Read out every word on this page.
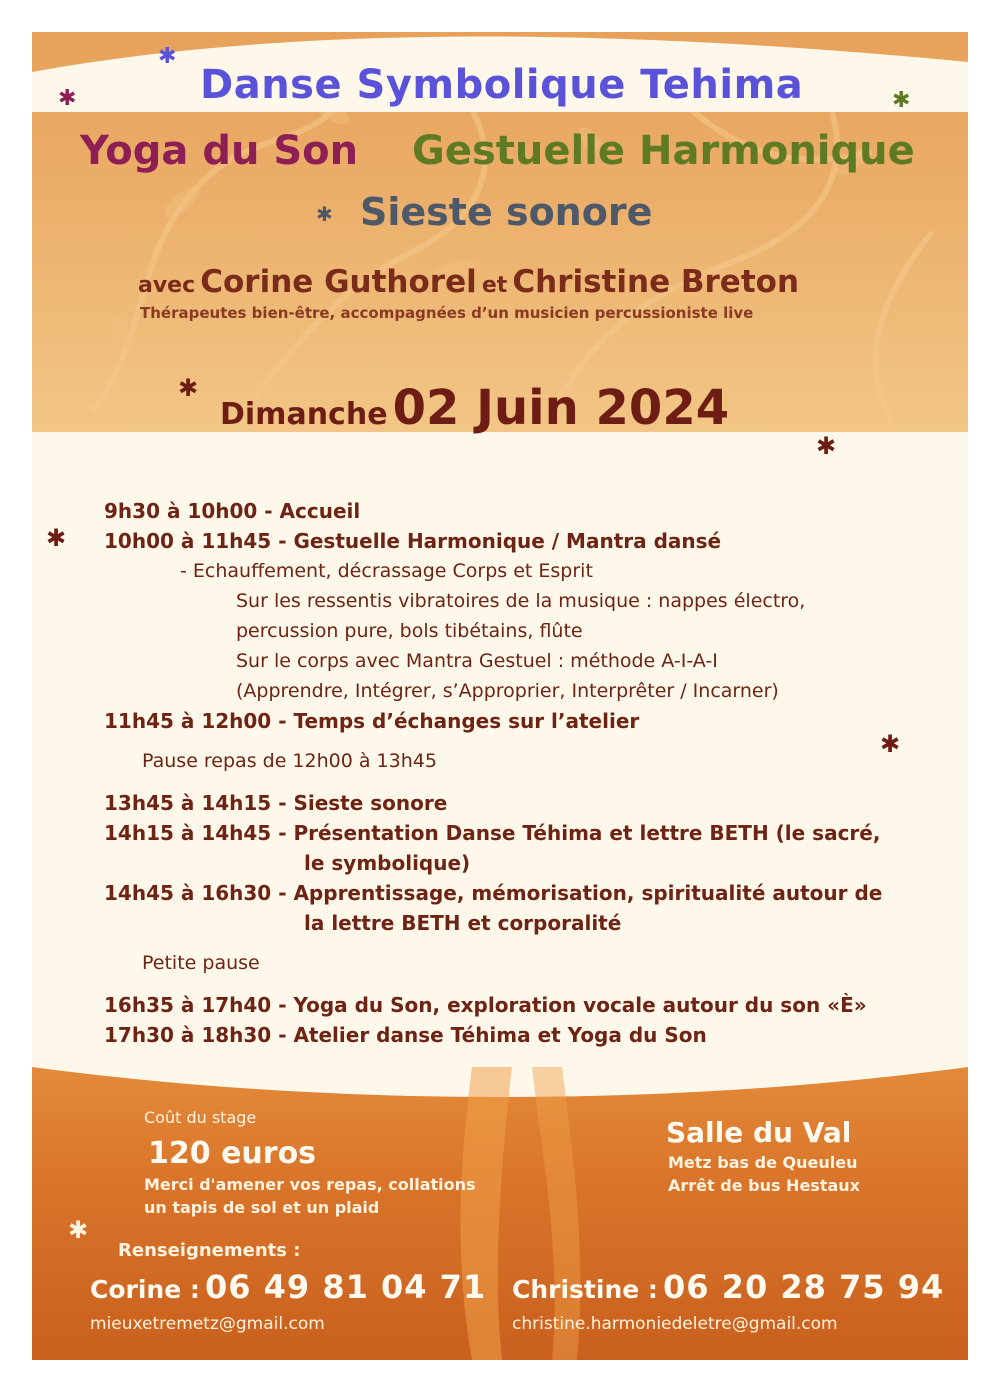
Danse Symbolique Tehima
Yoga du Son Gestuelle Harmonique
Sieste sonore
avec Corine Guthorel et Christine Breton
Thérapeutes bien-être, accompagnées d’un musicien percussioniste live
Dimanche 02 Juin 2024
9h30 à 10h00 - Accueil
10h00 à 11h45 - Gestuelle Harmonique / Mantra dansé
- Echauffement, décrassage Corps et Esprit
Sur les ressentis vibratoires de la musique : nappes électro,
percussion pure, bols tibétains, flûte
Sur le corps avec Mantra Gestuel : méthode A-I-A-I
(Apprendre, Intégrer, s’Approprier, Interprêter / Incarner)
11h45 à 12h00 - Temps d’échanges sur l’atelier
Pause repas de 12h00 à 13h45
13h45 à 14h15 - Sieste sonore
14h15 à 14h45 - Présentation Danse Téhima et lettre BETH (le sacré,
le symbolique)
14h45 à 16h30 - Apprentissage, mémorisation, spiritualité autour de
la lettre BETH et corporalité
Petite pause
16h35 à 17h40 - Yoga du Son, exploration vocale autour du son «È»
17h30 à 18h30 - Atelier danse Téhima et Yoga du Son
Coût du stage
120 euros
Merci d'amener vos repas, collations
un tapis de sol et un plaid
Salle du Val
Metz bas de Queuleu
Arrêt de bus Hestaux
Renseignements :
Corine : 06 49 81 04 71
mieuxetremetz@gmail.com
Christine : 06 20 28 75 94
christine.harmoniedeletre@gmail.com
✱
✱	✱
✱
✱
✱
✱
✱
✱
